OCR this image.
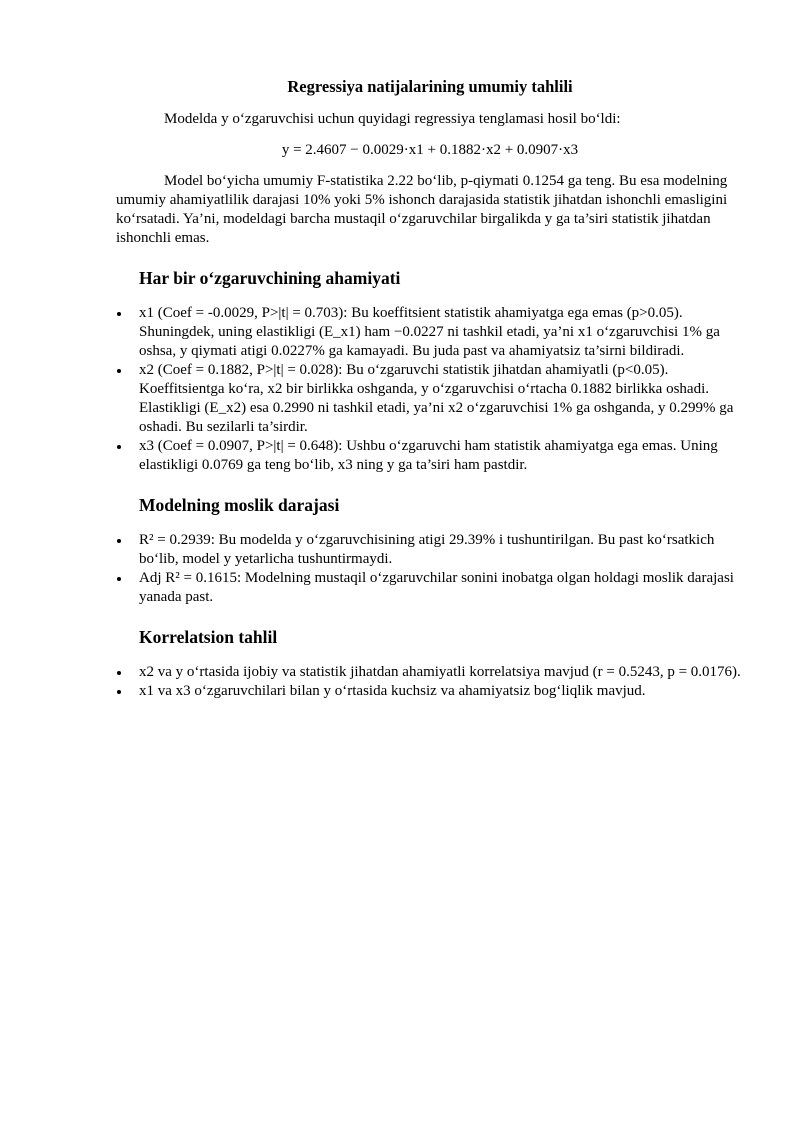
Regressiya natijalarining umumiy tahlili

Modelda y oʻzgaruvchisi uchun quyidagi regressiya tenglamasi hosil boʻldi:

y = 2.4607 − 0.0029·x1 + 0.1882·x2 + 0.0907·x3

Model boʻyicha umumiy F-statistika 2.22 boʻlib, p-qiymati 0.1254 ga teng. Bu esa modelning umumiy ahamiyatlilik darajasi 10% yoki 5% ishonch darajasida statistik jihatdan ishonchli emasligini koʻrsatadi. Ya’ni, modeldagi barcha mustaqil oʻzgaruvchilar birgalikda y ga ta’siri statistik jihatdan ishonchli emas.

Har bir oʻzgaruvchining ahamiyati
x1 (Coef = -0.0029, P>|t| = 0.703): Bu koeffitsient statistik ahamiyatga ega emas (p>0.05). Shuningdek, uning elastikligi (E_x1) ham −0.0227 ni tashkil etadi, ya’ni x1 oʻzgaruvchisi 1% ga oshsa, y qiymati atigi 0.0227% ga kamayadi. Bu juda past va ahamiyatsiz ta’sirni bildiradi.
x2 (Coef = 0.1882, P>|t| = 0.028): Bu oʻzgaruvchi statistik jihatdan ahamiyatli (p<0.05). Koeffitsientga koʻra, x2 bir birlikka oshganda, y oʻzgaruvchisi oʻrtacha 0.1882 birlikka oshadi. Elastikligi (E_x2) esa 0.2990 ni tashkil etadi, ya’ni x2 oʻzgaruvchisi 1% ga oshganda, y 0.299% ga oshadi. Bu sezilarli ta’sirdir.
x3 (Coef = 0.0907, P>|t| = 0.648): Ushbu oʻzgaruvchi ham statistik ahamiyatga ega emas. Uning elastikligi 0.0769 ga teng boʻlib, x3 ning y ga ta’siri ham pastdir.
Modelning moslik darajasi
R² = 0.2939: Bu modelda y oʻzgaruvchisining atigi 29.39% i tushuntirilgan. Bu past koʻrsatkich boʻlib, model y yetarlicha tushuntirmaydi.
Adj R² = 0.1615: Modelning mustaqil oʻzgaruvchilar sonini inobatga olgan holdagi moslik darajasi yanada past.
Korrelatsion tahlil
x2 va y oʻrtasida ijobiy va statistik jihatdan ahamiyatli korrelatsiya mavjud (r = 0.5243, p = 0.0176).
x1 va x3 oʻzgaruvchilari bilan y oʻrtasida kuchsiz va ahamiyatsiz bogʻliqlik mavjud.
